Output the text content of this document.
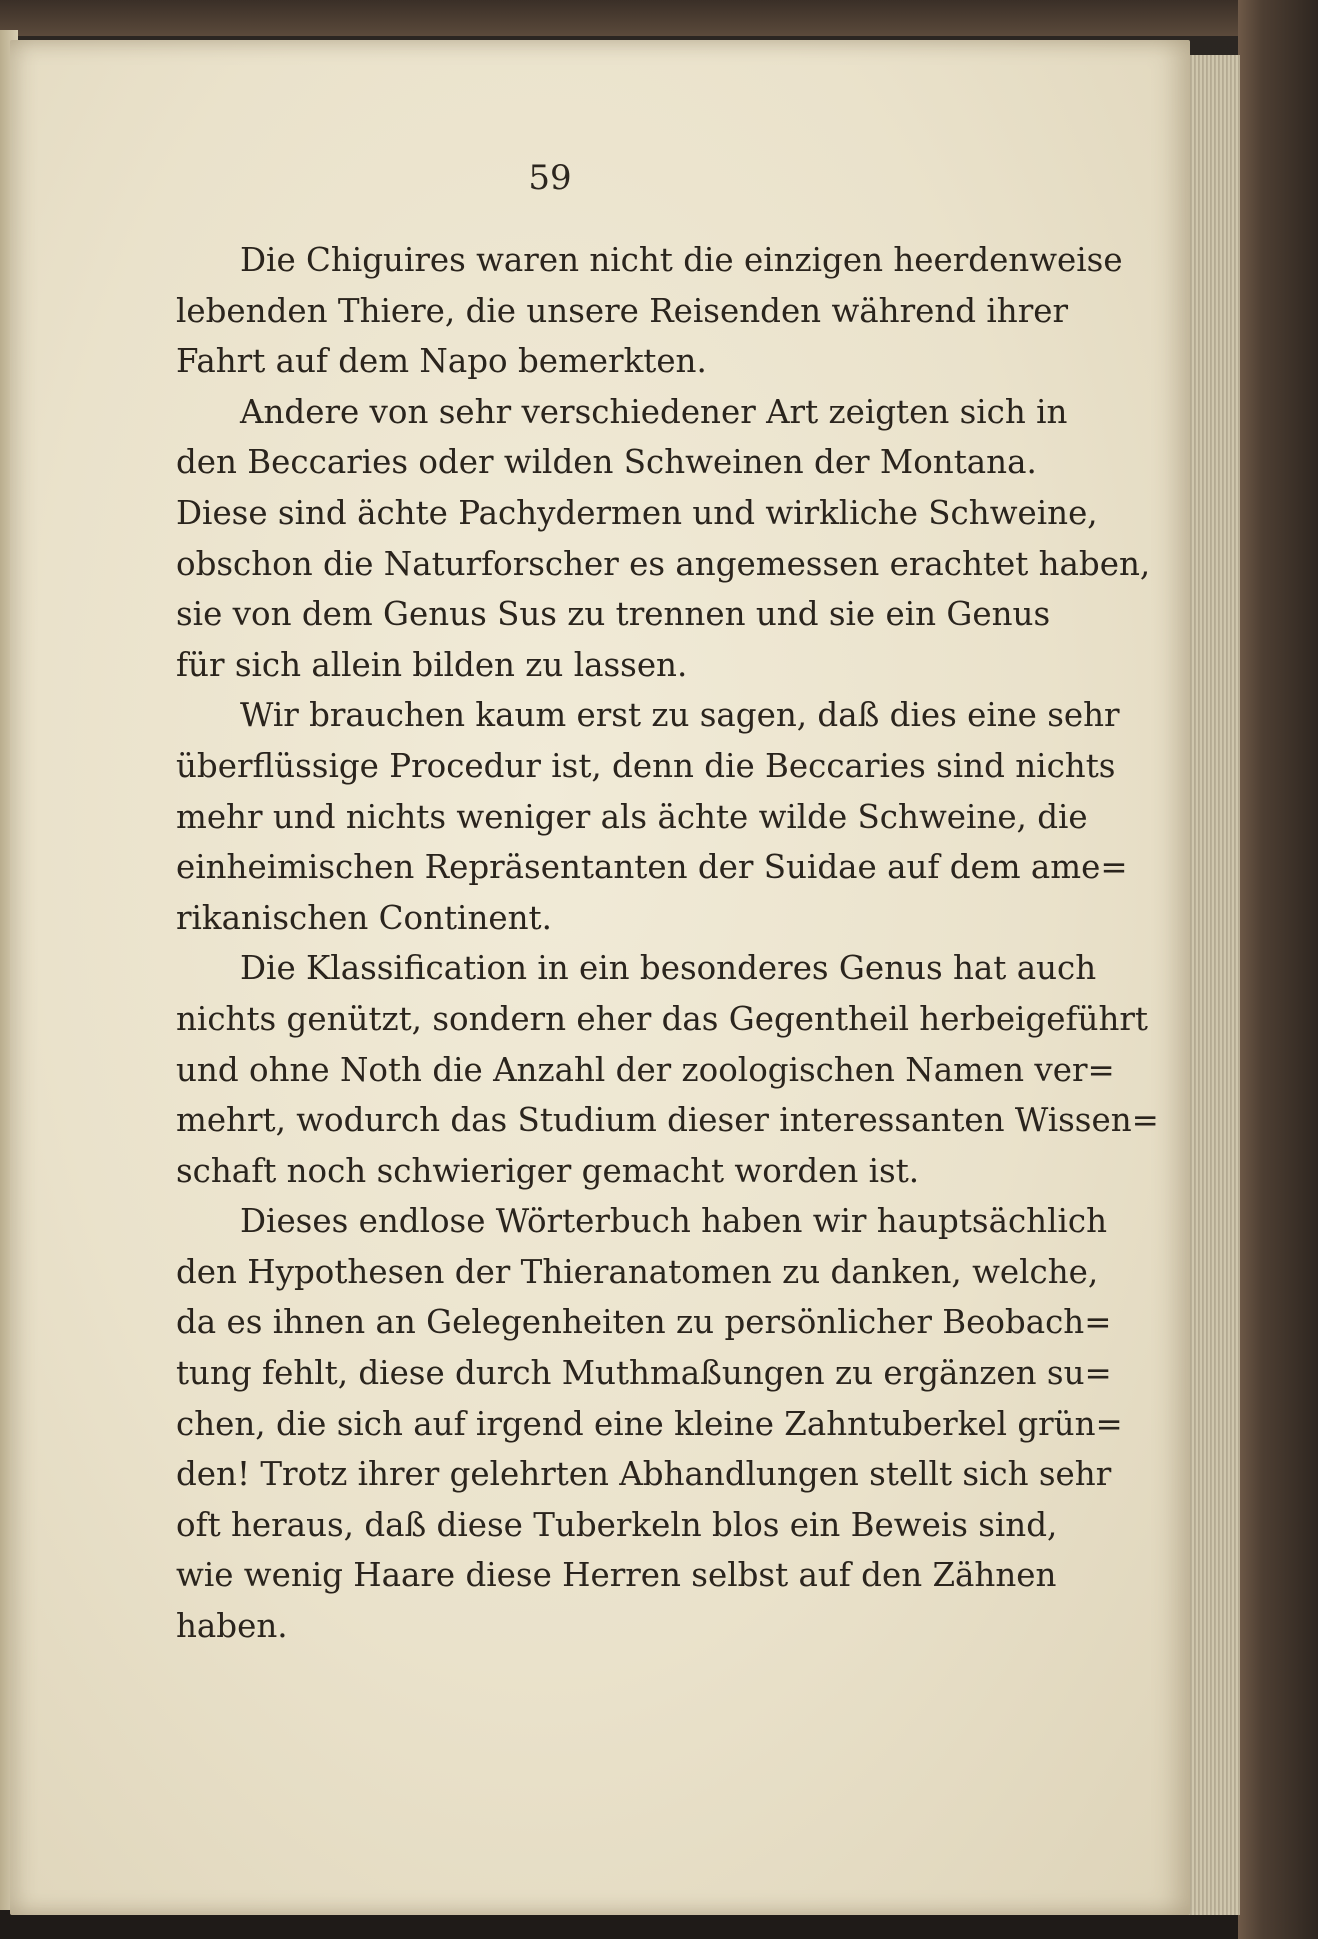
59

Die Chiguires waren nicht die einzigen heerdenweise
lebenden Thiere, die unsere Reisenden während ihrer
Fahrt auf dem Napo bemerkten.

Andere von sehr verschiedener Art zeigten sich in
den Beccaries oder wilden Schweinen der Montana.
Diese sind ächte Pachydermen und wirkliche Schweine,
obschon die Naturforscher es angemessen erachtet haben,
sie von dem Genus Sus zu trennen und sie ein Genus
für sich allein bilden zu lassen.

Wir brauchen kaum erst zu sagen, daß dies eine sehr
überflüssige Procedur ist, denn die Beccaries sind nichts
mehr und nichts weniger als ächte wilde Schweine, die
einheimischen Repräsentanten der Suidae auf dem ame=
rikanischen Continent.

Die Klassification in ein besonderes Genus hat auch
nichts genützt, sondern eher das Gegentheil herbeigeführt
und ohne Noth die Anzahl der zoologischen Namen ver=
mehrt, wodurch das Studium dieser interessanten Wissen=
schaft noch schwieriger gemacht worden ist.

Dieses endlose Wörterbuch haben wir hauptsächlich
den Hypothesen der Thieranatomen zu danken, welche,
da es ihnen an Gelegenheiten zu persönlicher Beobach=
tung fehlt, diese durch Muthmaßungen zu ergänzen su=
chen, die sich auf irgend eine kleine Zahntuberkel grün=
den! Trotz ihrer gelehrten Abhandlungen stellt sich sehr
oft heraus, daß diese Tuberkeln blos ein Beweis sind,
wie wenig Haare diese Herren selbst auf den Zähnen
haben.
